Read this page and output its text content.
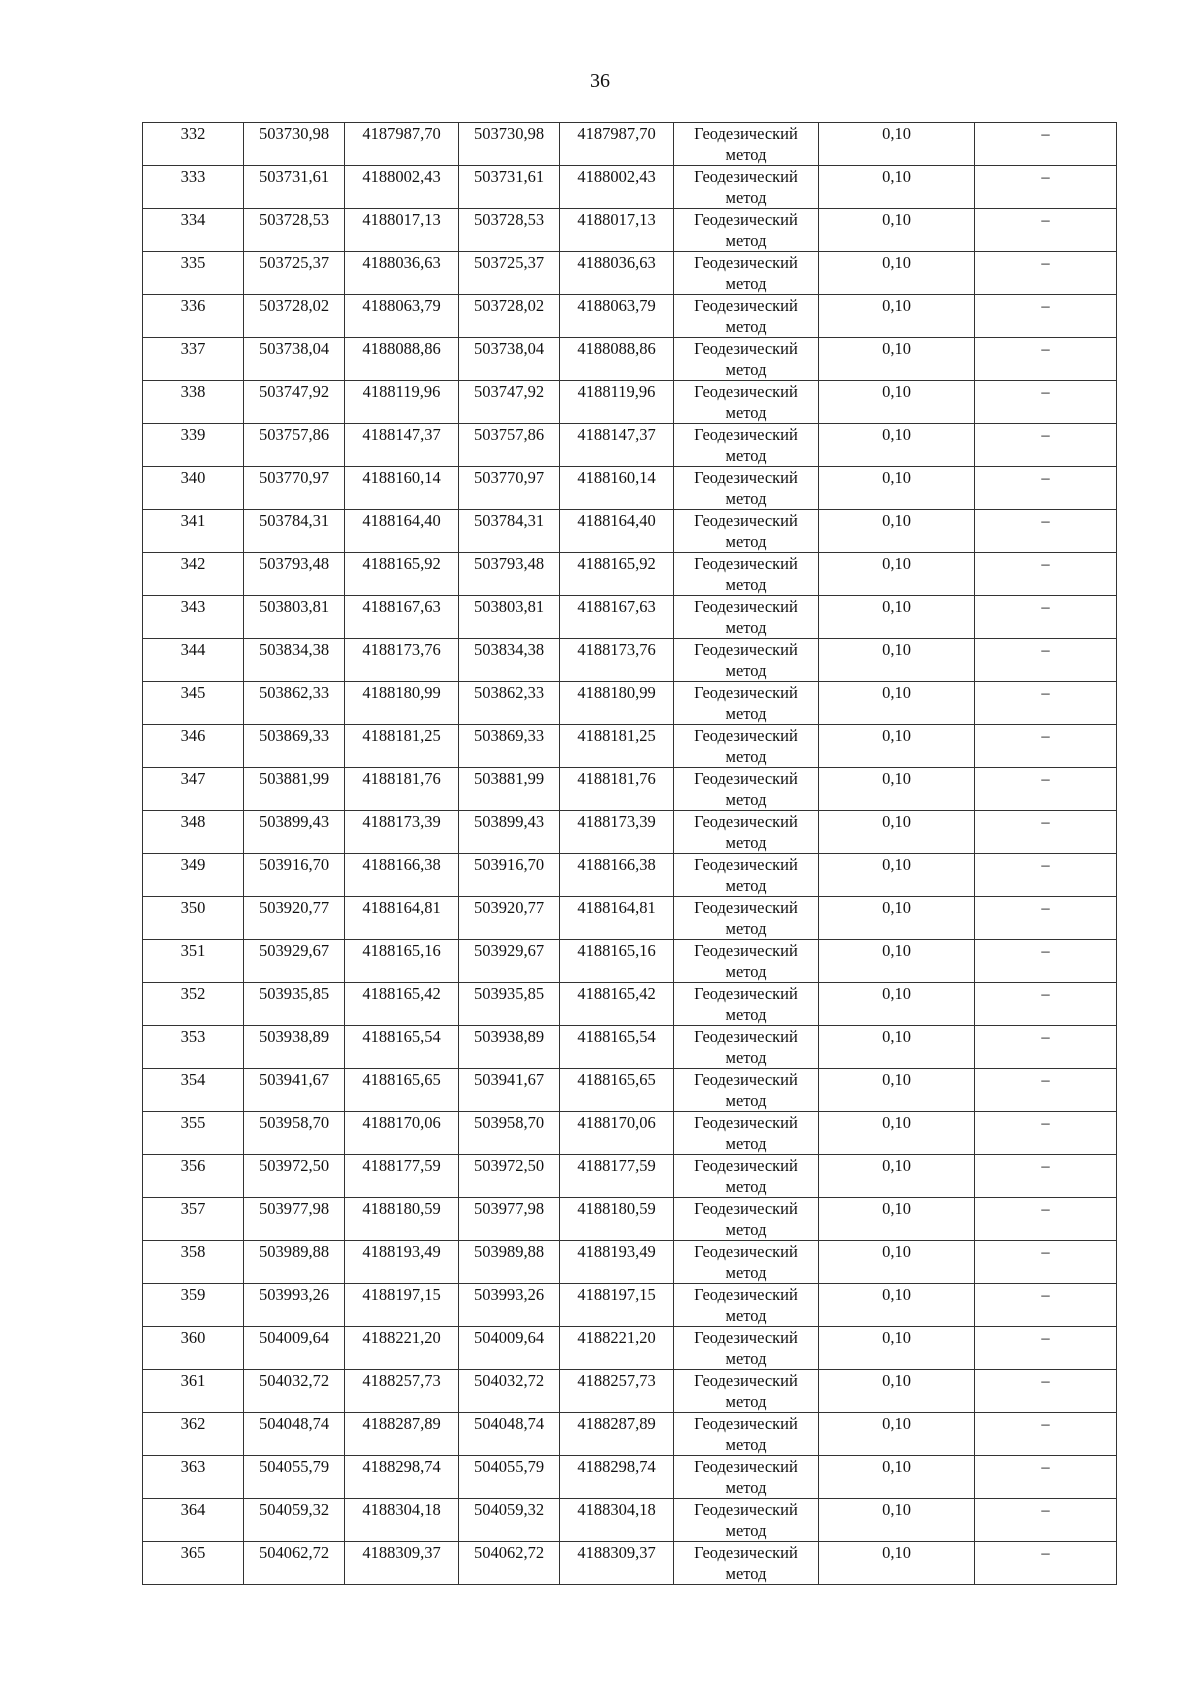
36
332	503730,98	4187987,70	503730,98	4187987,70	Геодезический метод	0,10	–
333	503731,61	4188002,43	503731,61	4188002,43	Геодезический метод	0,10	–
334	503728,53	4188017,13	503728,53	4188017,13	Геодезический метод	0,10	–
335	503725,37	4188036,63	503725,37	4188036,63	Геодезический метод	0,10	–
336	503728,02	4188063,79	503728,02	4188063,79	Геодезический метод	0,10	–
337	503738,04	4188088,86	503738,04	4188088,86	Геодезический метод	0,10	–
338	503747,92	4188119,96	503747,92	4188119,96	Геодезический метод	0,10	–
339	503757,86	4188147,37	503757,86	4188147,37	Геодезический метод	0,10	–
340	503770,97	4188160,14	503770,97	4188160,14	Геодезический метод	0,10	–
341	503784,31	4188164,40	503784,31	4188164,40	Геодезический метод	0,10	–
342	503793,48	4188165,92	503793,48	4188165,92	Геодезический метод	0,10	–
343	503803,81	4188167,63	503803,81	4188167,63	Геодезический метод	0,10	–
344	503834,38	4188173,76	503834,38	4188173,76	Геодезический метод	0,10	–
345	503862,33	4188180,99	503862,33	4188180,99	Геодезический метод	0,10	–
346	503869,33	4188181,25	503869,33	4188181,25	Геодезический метод	0,10	–
347	503881,99	4188181,76	503881,99	4188181,76	Геодезический метод	0,10	–
348	503899,43	4188173,39	503899,43	4188173,39	Геодезический метод	0,10	–
349	503916,70	4188166,38	503916,70	4188166,38	Геодезический метод	0,10	–
350	503920,77	4188164,81	503920,77	4188164,81	Геодезический метод	0,10	–
351	503929,67	4188165,16	503929,67	4188165,16	Геодезический метод	0,10	–
352	503935,85	4188165,42	503935,85	4188165,42	Геодезический метод	0,10	–
353	503938,89	4188165,54	503938,89	4188165,54	Геодезический метод	0,10	–
354	503941,67	4188165,65	503941,67	4188165,65	Геодезический метод	0,10	–
355	503958,70	4188170,06	503958,70	4188170,06	Геодезический метод	0,10	–
356	503972,50	4188177,59	503972,50	4188177,59	Геодезический метод	0,10	–
357	503977,98	4188180,59	503977,98	4188180,59	Геодезический метод	0,10	–
358	503989,88	4188193,49	503989,88	4188193,49	Геодезический метод	0,10	–
359	503993,26	4188197,15	503993,26	4188197,15	Геодезический метод	0,10	–
360	504009,64	4188221,20	504009,64	4188221,20	Геодезический метод	0,10	–
361	504032,72	4188257,73	504032,72	4188257,73	Геодезический метод	0,10	–
362	504048,74	4188287,89	504048,74	4188287,89	Геодезический метод	0,10	–
363	504055,79	4188298,74	504055,79	4188298,74	Геодезический метод	0,10	–
364	504059,32	4188304,18	504059,32	4188304,18	Геодезический метод	0,10	–
365	504062,72	4188309,37	504062,72	4188309,37	Геодезический метод	0,10	–
